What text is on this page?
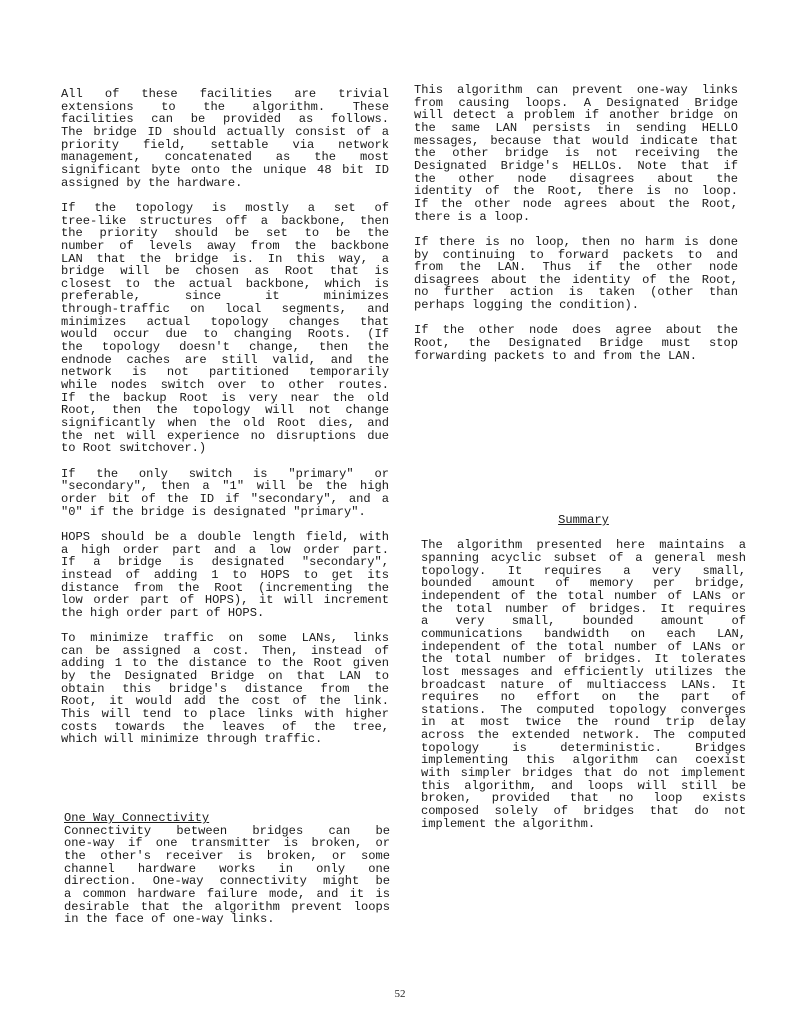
All of these facilities are trivial
extensions to the algorithm. These
facilities can be provided as follows.
The bridge ID should actually consist of a
priority field, settable via network
management, concatenated as the most
significant byte onto the unique 48 bit ID
assigned by the hardware.

If the topology is mostly a set of
tree-like structures off a backbone, then
the priority should be set to be the
number of levels away from the backbone
LAN that the bridge is. In this way, a
bridge will be chosen as Root that is
closest to the actual backbone, which is
preferable, since it minimizes
through-traffic on local segments, and
minimizes actual topology changes that
would occur due to changing Roots. (If
the topology doesn't change, then the
endnode caches are still valid, and the
network is not partitioned temporarily
while nodes switch over to other routes.
If the backup Root is very near the old
Root, then the topology will not change
significantly when the old Root dies, and
the net will experience no disruptions due
to Root switchover.)

If the only switch is "primary" or
"secondary", then a "1" will be the high
order bit of the ID if "secondary", and a
"0" if the bridge is designated "primary".

HOPS should be a double length field, with
a high order part and a low order part.
If a bridge is designated "secondary",
instead of adding 1 to HOPS to get its
distance from the Root (incrementing the
low order part of HOPS), it will increment
the high order part of HOPS.

To minimize traffic on some LANs, links
can be assigned a cost. Then, instead of
adding 1 to the distance to the Root given
by the Designated Bridge on that LAN to
obtain this bridge's distance from the
Root, it would add the cost of the link.
This will tend to place links with higher
costs towards the leaves of the tree,
which will minimize through traffic.

One Way Connectivity

Connectivity between bridges can be
one-way if one transmitter is broken, or
the other's receiver is broken, or some
channel hardware works in only one
direction. One-way connectivity might be
a common hardware failure mode, and it is
desirable that the algorithm prevent loops
in the face of one-way links.

This algorithm can prevent one-way links
from causing loops. A Designated Bridge
will detect a problem if another bridge on
the same LAN persists in sending HELLO
messages, because that would indicate that
the other bridge is not receiving the
Designated Bridge's HELLOs. Note that if
the other node disagrees about the
identity of the Root, there is no loop.
If the other node agrees about the Root,
there is a loop.

If there is no loop, then no harm is done
by continuing to forward packets to and
from the LAN. Thus if the other node
disagrees about the identity of the Root,
no further action is taken (other than
perhaps logging the condition).

If the other node does agree about the
Root, the Designated Bridge must stop
forwarding packets to and from the LAN.

Summary

The algorithm presented here maintains a
spanning acyclic subset of a general mesh
topology. It requires a very small,
bounded amount of memory per bridge,
independent of the total number of LANs or
the total number of bridges. It requires
a very small, bounded amount of
communications bandwidth on each LAN,
independent of the total number of LANs or
the total number of bridges. It tolerates
lost messages and efficiently utilizes the
broadcast nature of multiaccess LANs. It
requires no effort on the part of
stations. The computed topology converges
in at most twice the round trip delay
across the extended network. The computed
topology is deterministic. Bridges
implementing this algorithm can coexist
with simpler bridges that do not implement
this algorithm, and loops will still be
broken, provided that no loop exists
composed solely of bridges that do not
implement the algorithm.

52
